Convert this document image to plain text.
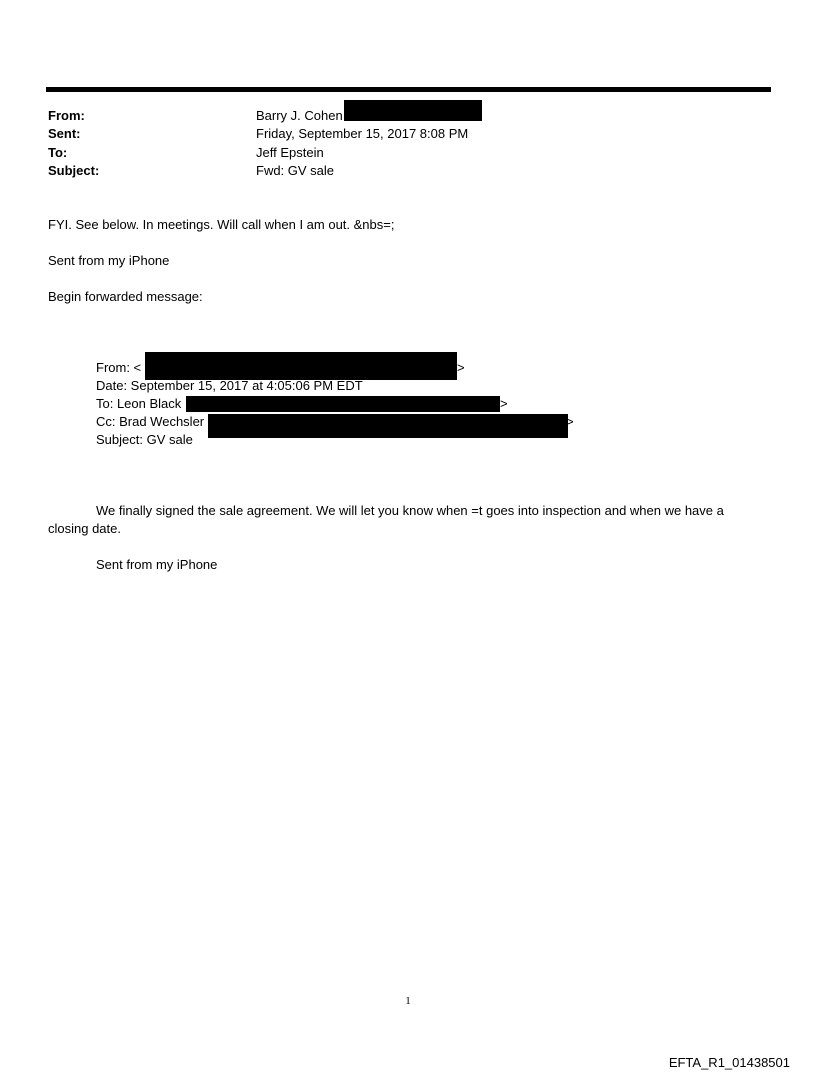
From:	Barry J. Cohen
Sent:	Friday, September 15, 2017 8:08 PM
To:	Jeff Epstein
Subject:	Fwd: GV sale
FYI. See below. In meetings. Will call when I am out. &nbs=;
Sent from my iPhone
Begin forwarded message:
From: <	>
Date: September 15, 2017 at 4:05:06 PM EDT
To: Leon Black	>
Cc: Brad Wechsler	>
Subject: GV sale
We finally signed the sale agreement. We will let you know when =t goes into inspection and when we have a closing date.
Sent from my iPhone
1
EFTA_R1_01438501
